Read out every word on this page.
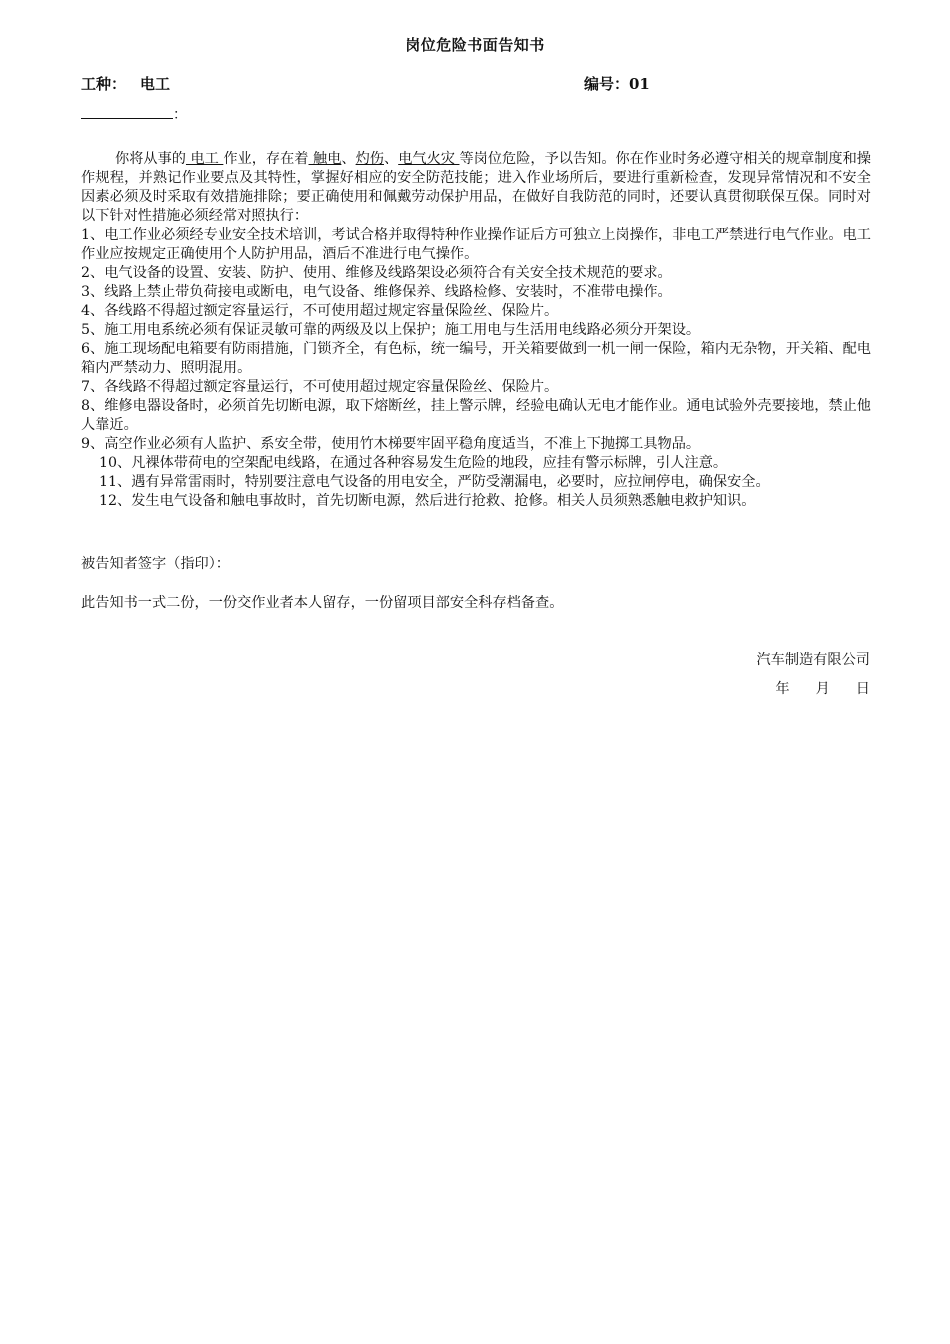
岗位危险书面告知书
工种： 电工	编号：01
：

你将从事的 电工 作业，存在着 触电、灼伤、电气火灾 等岗位危险，予以告知。你在作业时务必遵守相关的规章制度和操作规程，并熟记作业要点及其特性，掌握好相应的安全防范技能；进入作业场所后，要进行重新检查，发现异常情况和不安全因素必须及时采取有效措施排除；要正确使用和佩戴劳动保护用品，在做好自我防范的同时，还要认真贯彻联保互保。同时对以下针对性措施必须经常对照执行：

1、电工作业必须经专业安全技术培训，考试合格并取得特种作业操作证后方可独立上岗操作，非电工严禁进行电气作业。电工作业应按规定正确使用个人防护用品，酒后不准进行电气操作。

2、电气设备的设置、安装、防护、使用、维修及线路架设必须符合有关安全技术规范的要求。

3、线路上禁止带负荷接电或断电，电气设备、维修保养、线路检修、安装时，不准带电操作。

4、各线路不得超过额定容量运行，不可使用超过规定容量保险丝、保险片。

5、施工用电系统必须有保证灵敏可靠的两级及以上保护；施工用电与生活用电线路必须分开架设。

6、施工现场配电箱要有防雨措施，门锁齐全，有色标，统一编号，开关箱要做到一机一闸一保险，箱内无杂物，开关箱、配电箱内严禁动力、照明混用。

7、各线路不得超过额定容量运行，不可使用超过规定容量保险丝、保险片。

8、维修电器设备时，必须首先切断电源，取下熔断丝，挂上警示牌，经验电确认无电才能作业。通电试验外壳要接地，禁止他人靠近。

9、高空作业必须有人监护、系安全带，使用竹木梯要牢固平稳角度适当，不准上下抛掷工具物品。

10、凡裸体带荷电的空架配电线路，在通过各种容易发生危险的地段，应挂有警示标牌，引人注意。

11、遇有异常雷雨时，特别要注意电气设备的用电安全，严防受潮漏电，必要时，应拉闸停电，确保安全。

12、发生电气设备和触电事故时，首先切断电源，然后进行抢救、抢修。相关人员须熟悉触电救护知识。

被告知者签字（指印）：
此告知书一式二份，一份交作业者本人留存，一份留项目部安全科存档备查。
汽车制造有限公司
年 月 日
